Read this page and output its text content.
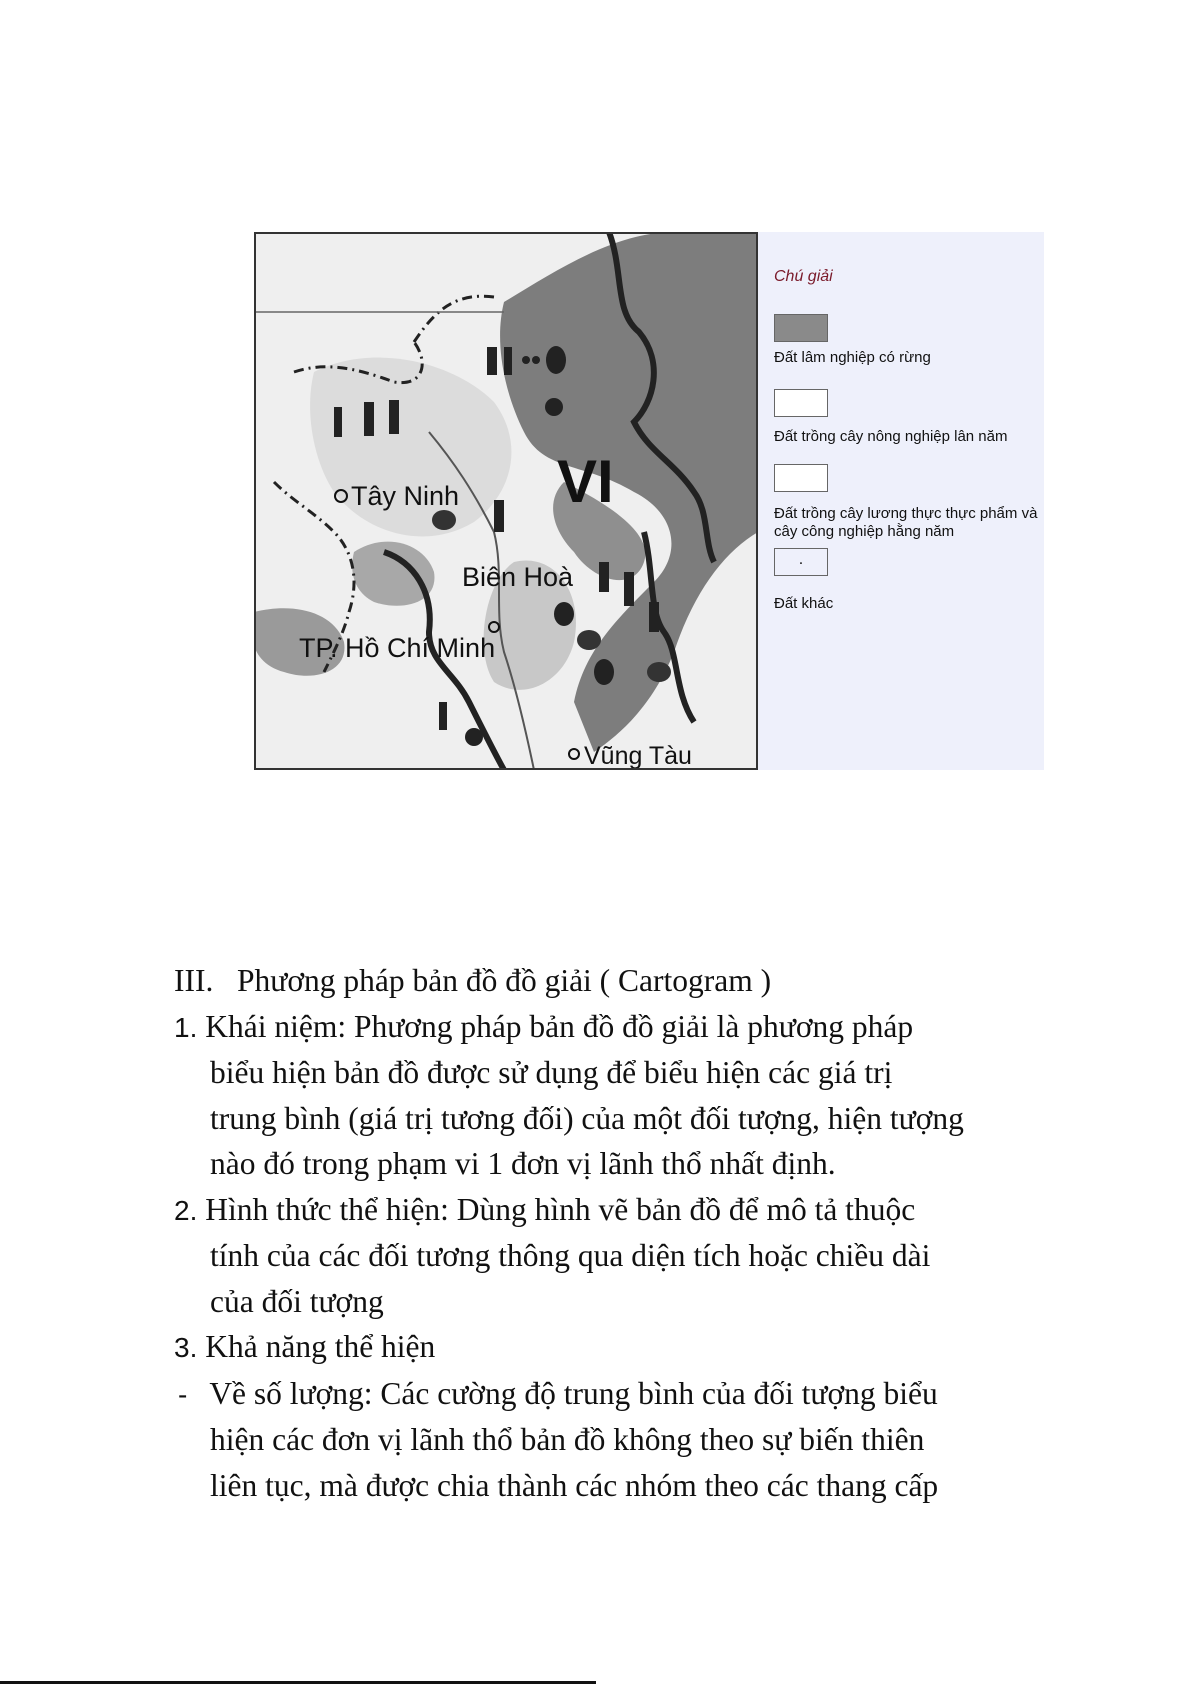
Tây Ninh
Biên Hoà
TP. Hồ Chí Minh
Vũng Tàu
VI
Chú giải
Đất lâm nghiệp có rừng
Đất trồng cây nông nghiệp lân năm
Đất trồng cây lương thực thực phẩm và cây công nghiệp hằng năm
.
Đất khác
III. Phương pháp bản đồ đồ giải ( Cartogram )
1. Khái niệm: Phương pháp bản đồ đồ giải là phương pháp
biểu hiện bản đồ được sử dụng để biểu hiện các giá trị
trung bình (giá trị tương đối) của một đối tượng, hiện tượng
nào đó trong phạm vi 1 đơn vị lãnh thổ nhất định.
2. Hình thức thể hiện: Dùng hình vẽ bản đồ để mô tả thuộc
tính của các đối tương thông qua diện tích hoặc chiều dài
của đối tượng
3. Khả năng thể hiện
- Về số lượng: Các cường độ trung bình của đối tượng biểu
hiện các đơn vị lãnh thổ bản đồ không theo sự biến thiên
liên tục, mà được chia thành các nhóm theo các thang cấp
